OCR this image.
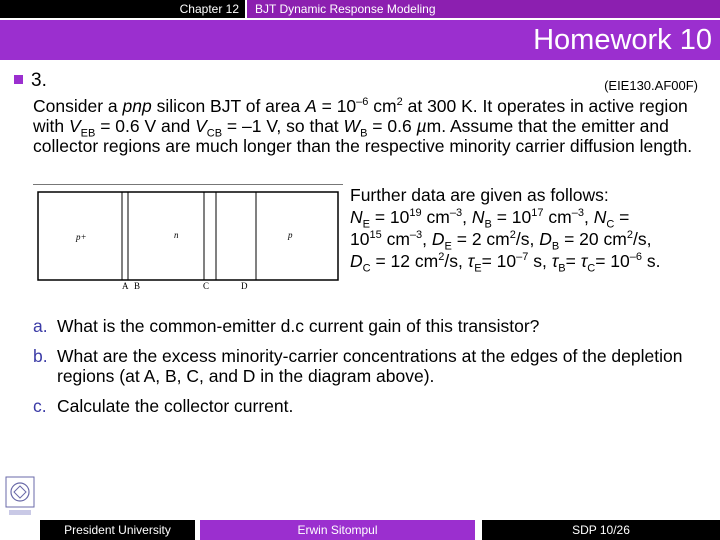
Chapter 12	BJT Dynamic Response Modeling
Homework 10
3.	(EIE130.AF00F)
Consider a pnp silicon BJT of area $A = 10^{-6}$ $cm^2$ at 300 K. It operates in active region with $V_{EB} = 0.6$ V and $V_{CB} = -1$ V, so that $W_B = 0.6$ µm. Assume that the emitter and collector regions are much longer than the respective minority carrier diffusion length.
p+	n	p
A B	C	D
Further data are given as follows:
$N_E = 10^{19}$ $cm^{-3}$, $N_B = 10^{17}$ $cm^{-3}$, $N_C$ =
$10^{15}$ $cm^{-3}$, $D_E = 2$ $cm^2/s$, $D_B = 20$ $cm^2/s$,
$D_C = 12$ $cm^2/s$, $\tau_E= 10^{-7}$ s, $\tau_B= \tau_C= 10^{-6}$ s.
a. What is the common-emitter d.c current gain of this transistor?
b. What are the excess minority-carrier concentrations at the edges of the depletion regions (at A, B, C, and D in the diagram above).
c. Calculate the collector current.
President University	Erwin Sitompul	SDP 10/26
